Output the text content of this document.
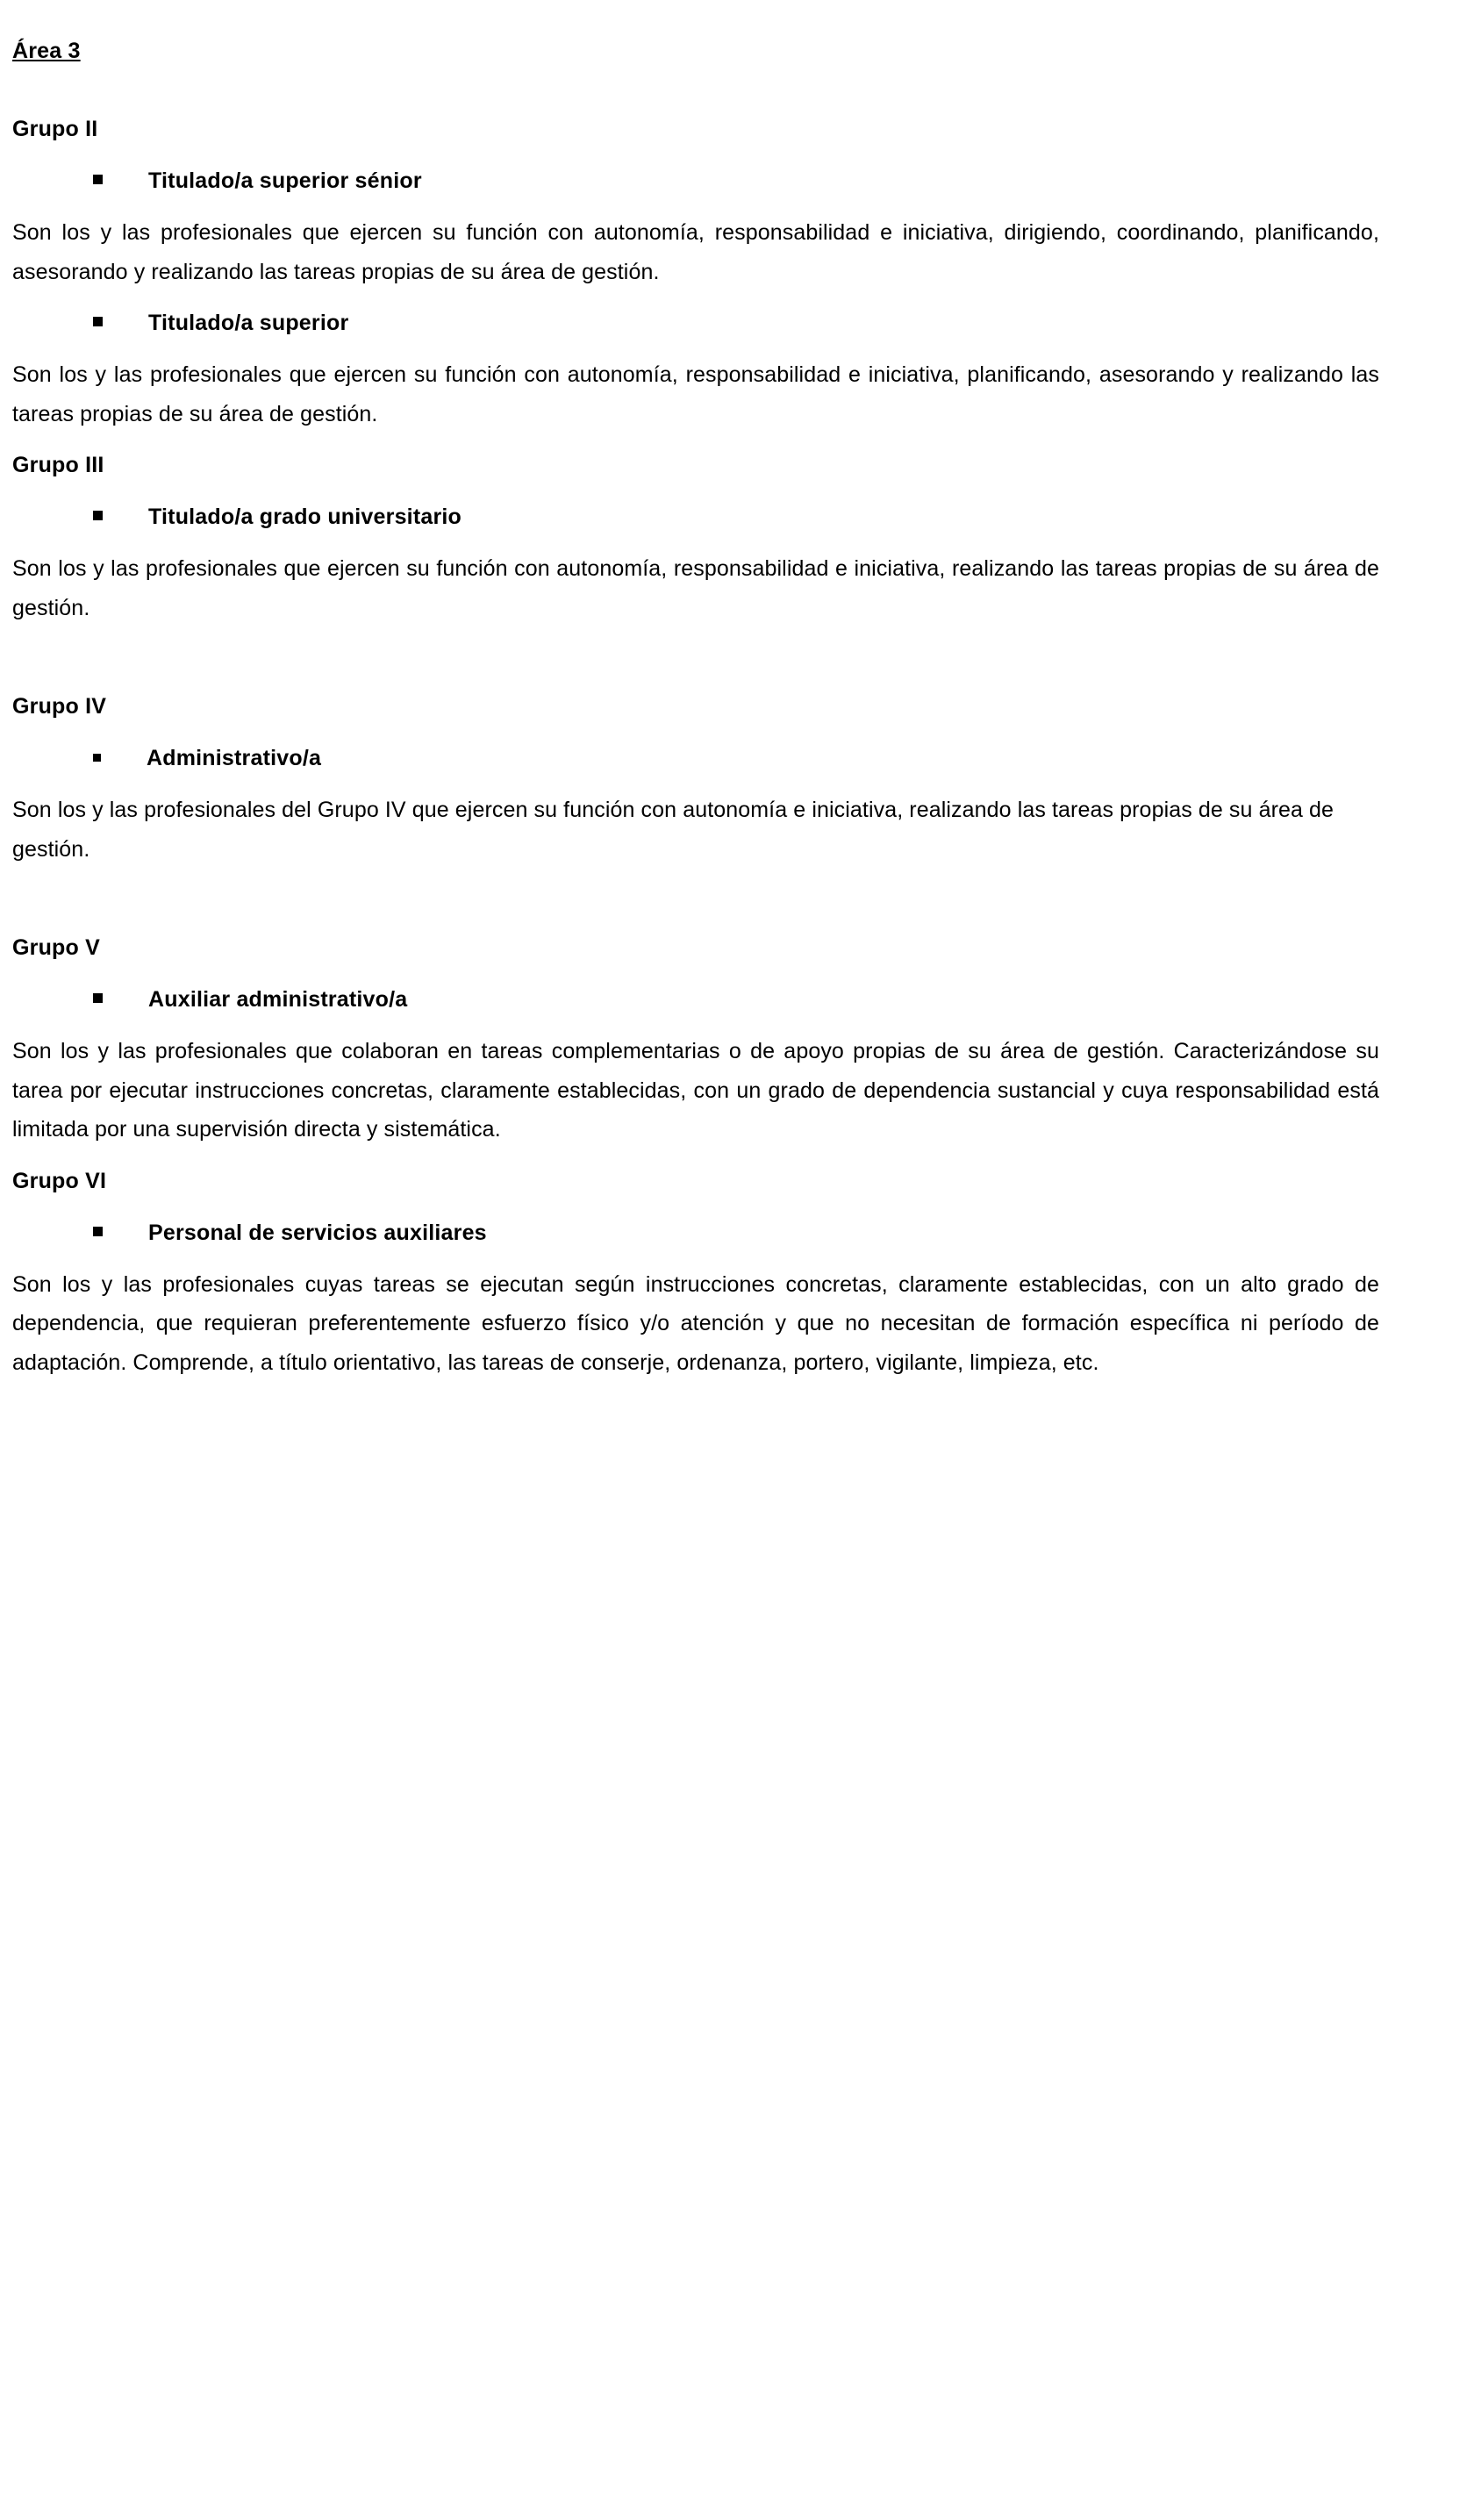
Área 3
Grupo II
Titulado/a superior sénior

Son los y las profesionales que ejercen su función con autonomía, responsabilidad e iniciativa, dirigiendo, coordinando, planificando, asesorando y realizando las tareas propias de su área de gestión.

Titulado/a superior

Son los y las profesionales que ejercen su función con autonomía, responsabilidad e iniciativa, planificando, asesorando y realizando las tareas propias de su área de gestión.

Grupo III
Titulado/a grado universitario

Son los y las profesionales que ejercen su función con autonomía, responsabilidad e iniciativa, realizando las tareas propias de su área de gestión.

Grupo IV
Administrativo/a

Son los y las profesionales del Grupo IV que ejercen su función con autonomía e iniciativa, realizando las tareas propias de su área de gestión.

Grupo V
Auxiliar administrativo/a

Son los y las profesionales que colaboran en tareas complementarias o de apoyo propias de su área de gestión. Caracterizándose su tarea por ejecutar instrucciones concretas, claramente establecidas, con un grado de dependencia sustancial y cuya responsabilidad está limitada por una supervisión directa y sistemática.

Grupo VI
Personal de servicios auxiliares

Son los y las profesionales cuyas tareas se ejecutan según instrucciones concretas, claramente establecidas, con un alto grado de dependencia, que requieran preferentemente esfuerzo físico y/o atención y que no necesitan de formación específica ni período de adaptación. Comprende, a título orientativo, las tareas de conserje, ordenanza, portero, vigilante, limpieza, etc.
